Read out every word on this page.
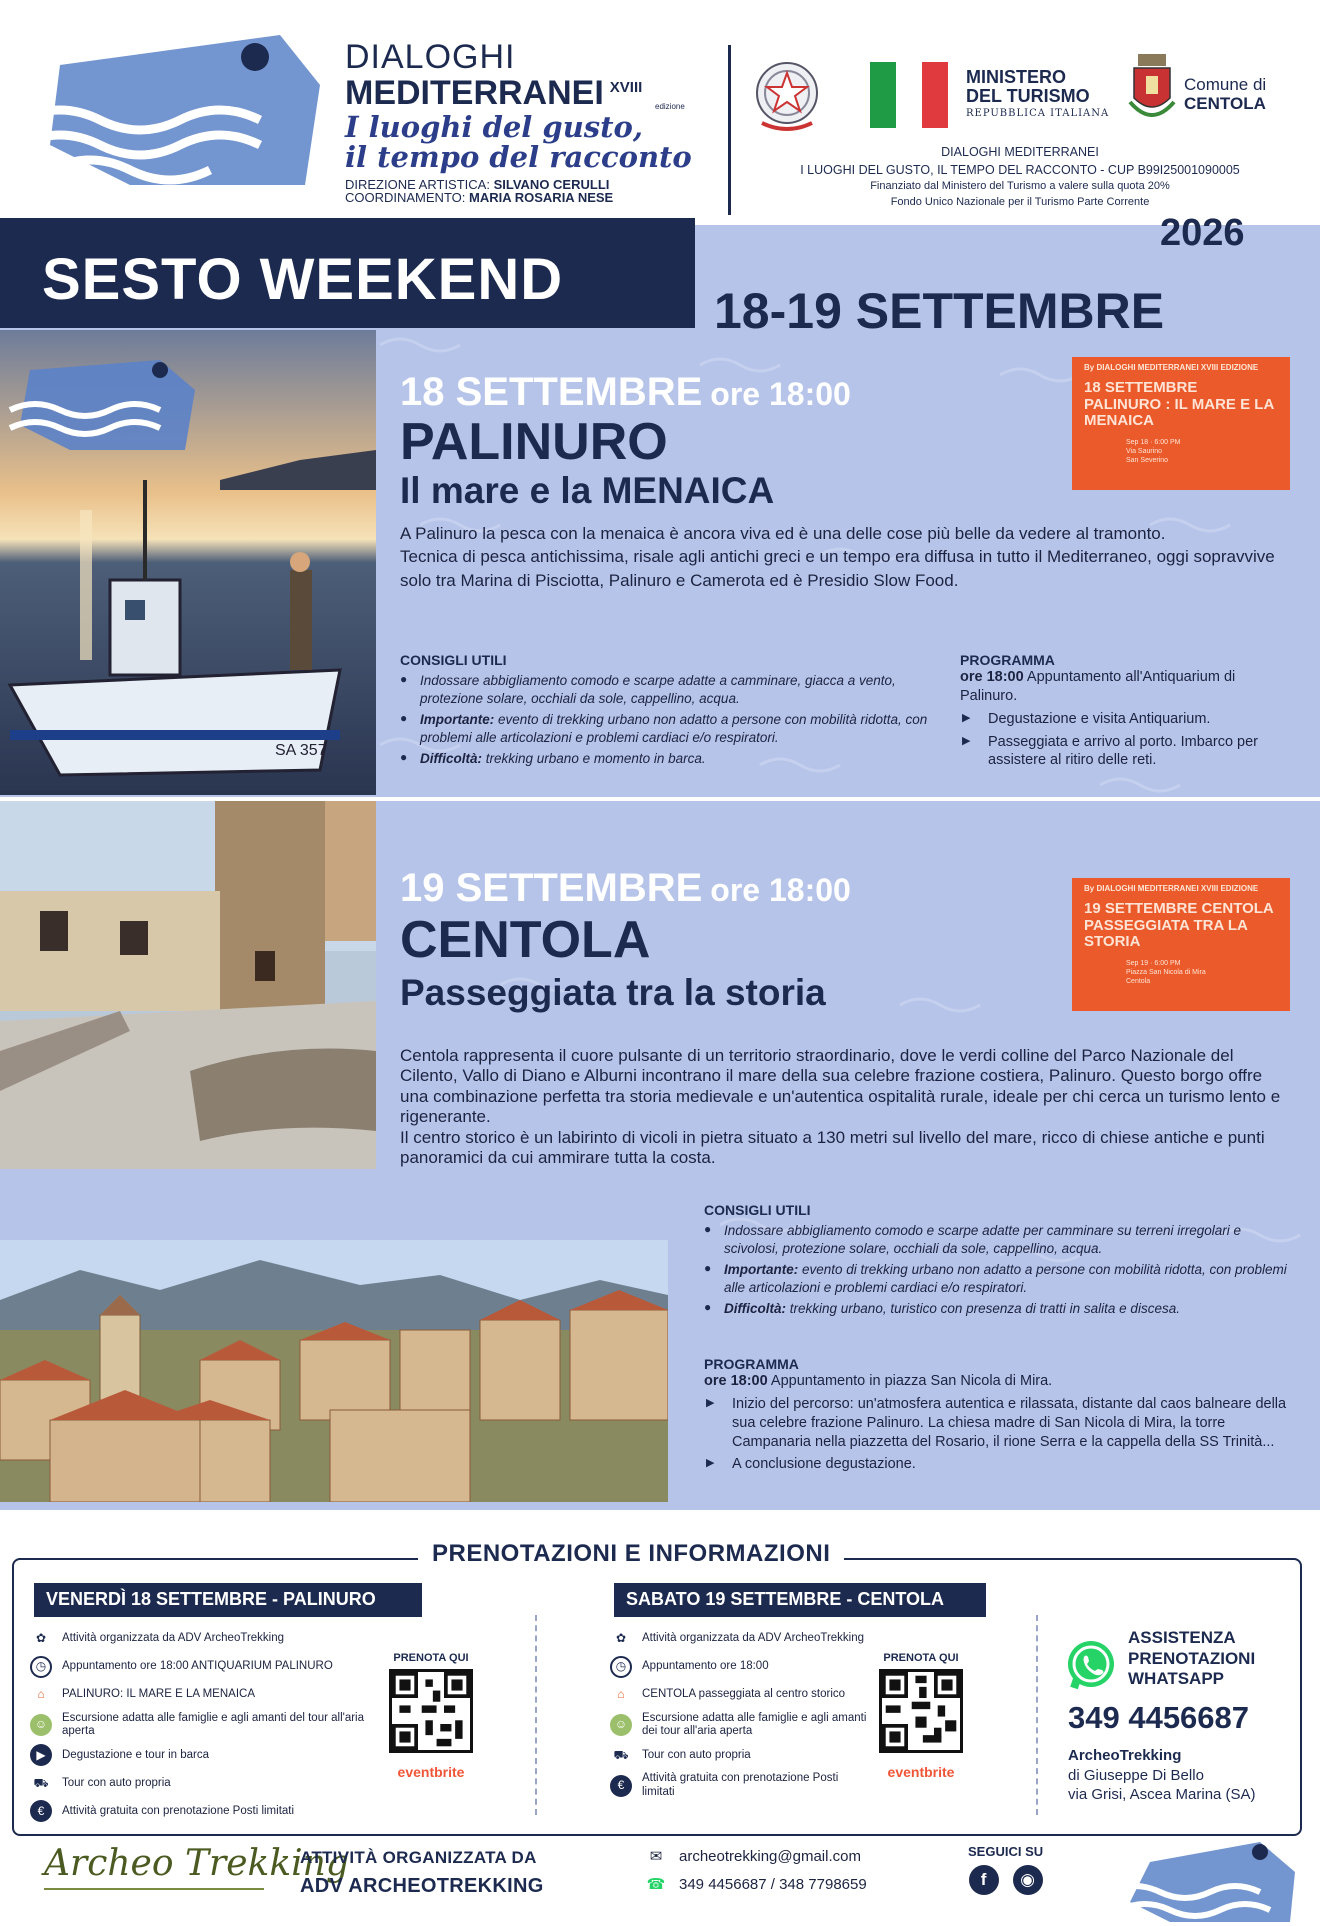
DIALOGHI
MEDITERRANEI XVIII
edizione
I luoghi del gusto,
il tempo del racconto
DIREZIONE ARTISTICA: SILVANO CERULLI
COORDINAMENTO: MARIA ROSARIA NESE
MINISTERO
DEL TURISMO
REPUBBLICA ITALIANA
Comune di
CENTOLA
DIALOGHI MEDITERRANEI
I LUOGHI DEL GUSTO, IL TEMPO DEL RACCONTO - CUP B99I25001090005
Finanziato dal Ministero del Turismo a valere sulla quota 20%
Fondo Unico Nazionale per il Turismo Parte Corrente
SESTO WEEKEND
2026
18-19 SETTEMBRE
SA 357
18 SETTEMBRE ore 18:00
PALINURO
Il mare e la MENAICA
A Palinuro la pesca con la menaica è ancora viva ed è una delle cose più belle da vedere al tramonto.
Tecnica di pesca antichissima, risale agli antichi greci e un tempo era diffusa in tutto il Mediterraneo, oggi sopravvive solo tra Marina di Pisciotta, Palinuro e Camerota ed è Presidio Slow Food.
By DIALOGHI MEDITERRANEI XVIII EDIZIONE
18 SETTEMBRE PALINURO : IL MARE E LA MENAICA
Sep 18 · 6:00 PM
Via Saurino
San Severino
CONSIGLI UTILI
● Indossare abbigliamento comodo e scarpe adatte a camminare, giacca a vento, protezione solare, occhiali da sole, cappellino, acqua.
● Importante: evento di trekking urbano non adatto a persone con mobilità ridotta, con problemi alle articolazioni e problemi cardiaci e/o respiratori.
● Difficoltà: trekking urbano e momento in barca.
PROGRAMMA
ore 18:00 Appuntamento all'Antiquarium di Palinuro.
▶ Degustazione e visita Antiquarium.
▶ Passeggiata e arrivo al porto. Imbarco per assistere al ritiro delle reti.
19 SETTEMBRE ore 18:00
CENTOLA
Passeggiata tra la storia
Centola rappresenta il cuore pulsante di un territorio straordinario, dove le verdi colline del Parco Nazionale del Cilento, Vallo di Diano e Alburni incontrano il mare della sua celebre frazione costiera, Palinuro. Questo borgo offre una combinazione perfetta tra storia medievale e un'autentica ospitalità rurale, ideale per chi cerca un turismo lento e rigenerante.
Il centro storico è un labirinto di vicoli in pietra situato a 130 metri sul livello del mare, ricco di chiese antiche e punti panoramici da cui ammirare tutta la costa.
By DIALOGHI MEDITERRANEI XVIII EDIZIONE
19 SETTEMBRE CENTOLA PASSEGGIATA TRA LA STORIA
Sep 19 · 6:00 PM
Piazza San Nicola di Mira
Centola
CONSIGLI UTILI
● Indossare abbigliamento comodo e scarpe adatte per camminare su terreni irregolari e scivolosi, protezione solare, occhiali da sole, cappellino, acqua.
● Importante: evento di trekking urbano non adatto a persone con mobilità ridotta, con problemi alle articolazioni e problemi cardiaci e/o respiratori.
● Difficoltà: trekking urbano, turistico con presenza di tratti in salita e discesa.
PROGRAMMA
ore 18:00 Appuntamento in piazza San Nicola di Mira.
▶ Inizio del percorso: un'atmosfera autentica e rilassata, distante dal caos balneare della sua celebre frazione Palinuro. La chiesa madre di San Nicola di Mira, la torre Campanaria nella piazzetta del Rosario, il rione Serra e la cappella della SS Trinità...
▶ A conclusione degustazione.
PRENOTAZIONI E INFORMAZIONI
VENERDÌ 18 SETTEMBRE - PALINURO	SABATO 19 SETTEMBRE - CENTOLA
✿	Attività organizzata da ADV ArcheoTrekking
◷	Appuntamento ore 18:00 ANTIQUARIUM PALINURO
⌂	PALINURO: IL MARE E LA MENAICA
☺	Escursione adatta alle famiglie e agli amanti del tour all'aria aperta
▶	Degustazione e tour in barca
⛟	Tour con auto propria
€	Attività gratuita con prenotazione Posti limitati
PRENOTA QUI
eventbrite
✿	Attività organizzata da ADV ArcheoTrekking
◷	Appuntamento ore 18:00
⌂	CENTOLA passeggiata al centro storico
☺	Escursione adatta alle famiglie e agli amanti dei tour all'aria aperta
⛟	Tour con auto propria
€	Attività gratuita con prenotazione Posti limitati
PRENOTA QUI
eventbrite
ASSISTENZA
PRENOTAZIONI
WHATSAPP
349 4456687
ArcheoTrekking
di Giuseppe Di Bello
via Grisi, Ascea Marina (SA)
Archeo Trekking
ATTIVITÀ ORGANIZZATA DA
ADV ARCHEOTREKKING
✉ archeotrekking@gmail.com
☎ 349 4456687 / 348 7798659
SEGUICI SU
f	◉
